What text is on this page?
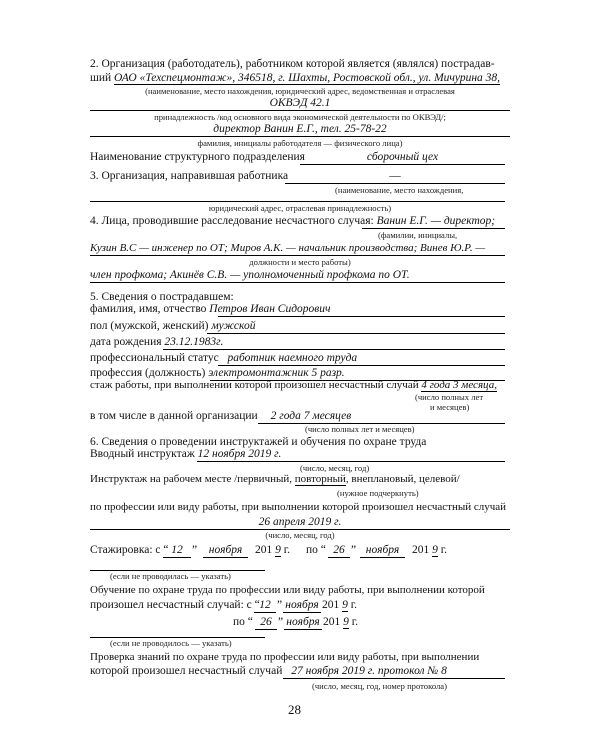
2. Организация (работодатель), работником которой является (являлся) пострадав-
ший ОАО «Техспецмонтаж», 346518, г. Шахты, Ростовской обл., ул. Мичурина 38,
(наименование, место нахождения, юридический адрес, ведомственная и отраслевая
ОКВЭД 42.1
принадлежность /код основного вида экономической деятельности по ОКВЭД/;
директор Ванин Е.Г., тел. 25-78-22
фамилия, инициалы работодателя — физического лица)
Наименование структурного подразделения	сборочный цех
3. Организация, направившая работника	—
(наименование, место нахождения,
юридический адрес, отраслевая принадлежность)
4. Лица, проводившие расследование несчастного случая: Ванин Е.Г. — директор;
(фамилии, инициалы,
Кузин В.С — инженер по ОТ; Миров А.К. — начальник производства; Винев Ю.Р. —
должности и место работы)
член профкома; Акинёв С.В. — уполномоченный профкома по ОТ.
5. Сведения о пострадавшем:
фамилия, имя, отчество Петров Иван Сидорович
пол (мужской, женский) мужской
дата рождения 23.12.1983г.
профессиональный статус работник наемного труда
профессия (должность) электромонтажник 5 разр.
стаж работы, при выполнении которой произошел несчастный случай 4 года 3 месяца,
(число полных лет
и месяцев)
в том числе в данной организации 2 года 7 месяцев
(число полных лет и месяцев)
6. Сведения о проведении инструктажей и обучения по охране труда
Вводный инструктаж 12 ноября 2019 г.
(число, месяц, год)
Инструктаж на рабочем месте /первичный, повторный, внеплановый, целевой/
(нужное подчеркнуть)
по профессии или виду работы, при выполнении которой произошел несчастный случай
26 апреля 2019 г.
(число, месяц, год)
Стажировка: с “ 12 ”	ноября	201 9 г. по “ 26 ” ноября	201 9 г.
(если не проводилась — указать)
Обучение по охране труда по профессии или виду работы, при выполнении которой
произошел несчастный случай: с “ 12 ” ноября 201 9 г.
по “ 26 ” ноября 201 9 г.
(если не проводилось — указать)
Проверка знаний по охране труда по профессии или виду работы, при выполнении
которой произошел несчастный случай 27 ноября 2019 г. протокол № 8
(число, месяц, год, номер протокола)
28
